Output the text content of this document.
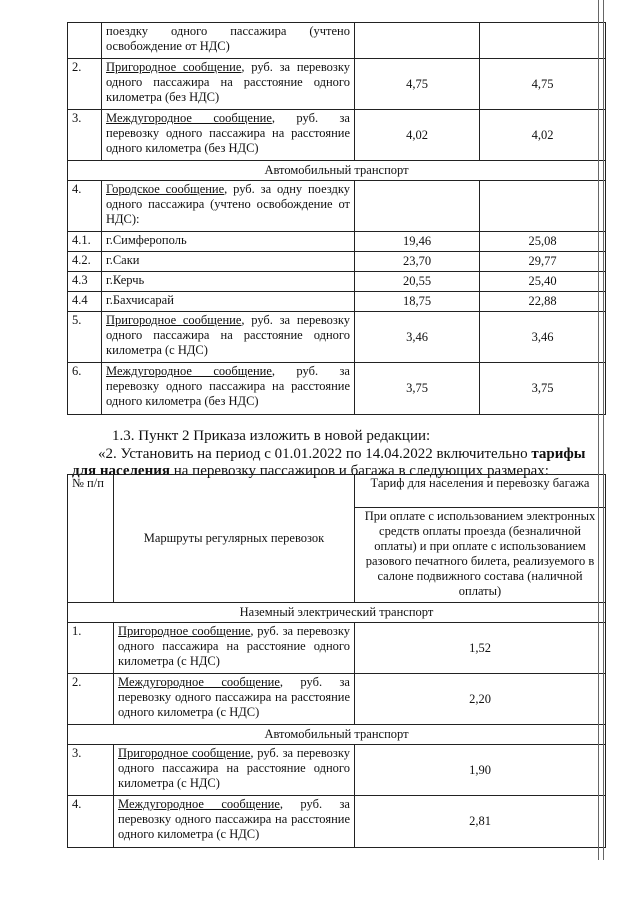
	поездку одного пассажира (учтено освобождение от НДС)		
2.	Пригородное сообщение, руб. за перевозку одного пассажира на расстояние одного километра (без НДС)	4,75	4,75
3.	Междугородное сообщение, руб. за перевозку одного пассажира на расстояние одного километра (без НДС)	4,02	4,02
Автомобильный транспорт			
4.	Городское сообщение, руб. за одну поездку одного пассажира (учтено освобождение от НДС):		
4.1.	г.Симферополь	19,46	25,08
4.2.	г.Саки	23,70	29,77
4.3	г.Керчь	20,55	25,40
4.4	г.Бахчисарай	18,75	22,88
5.	Пригородное сообщение, руб. за перевозку одного пассажира на расстояние одного километра (с НДС)	3,46	3,46
6.	Междугородное сообщение, руб. за перевозку одного пассажира на расстояние одного километра (без НДС)	3,75	3,75
1.3. Пункт 2 Приказа изложить в новой редакции:
«2. Установить на период с 01.01.2022 по 14.04.2022 включительно тарифы
для населения на перевозку пассажиров и багажа в следующих размерах:
№ п/п	Маршруты регулярных перевозок	Тариф для населения и перевозку багажа
		При оплате с использованием электронных средств оплаты проезда (безналичной оплаты) и при оплате с использованием разового печатного билета, реализуемого в салоне подвижного состава (наличной оплаты)
Наземный электрический транспорт		
1.	Пригородное сообщение, руб. за перевозку одного пассажира на расстояние одного километра (с НДС)	1,52
2.	Междугородное сообщение, руб. за перевозку одного пассажира на расстояние одного километра (с НДС)	2,20
Автомобильный транспорт		
3.	Пригородное сообщение, руб. за перевозку одного пассажира на расстояние одного километра (с НДС)	1,90
4.	Междугородное сообщение, руб. за перевозку одного пассажира на расстояние одного километра (с НДС)	2,81
